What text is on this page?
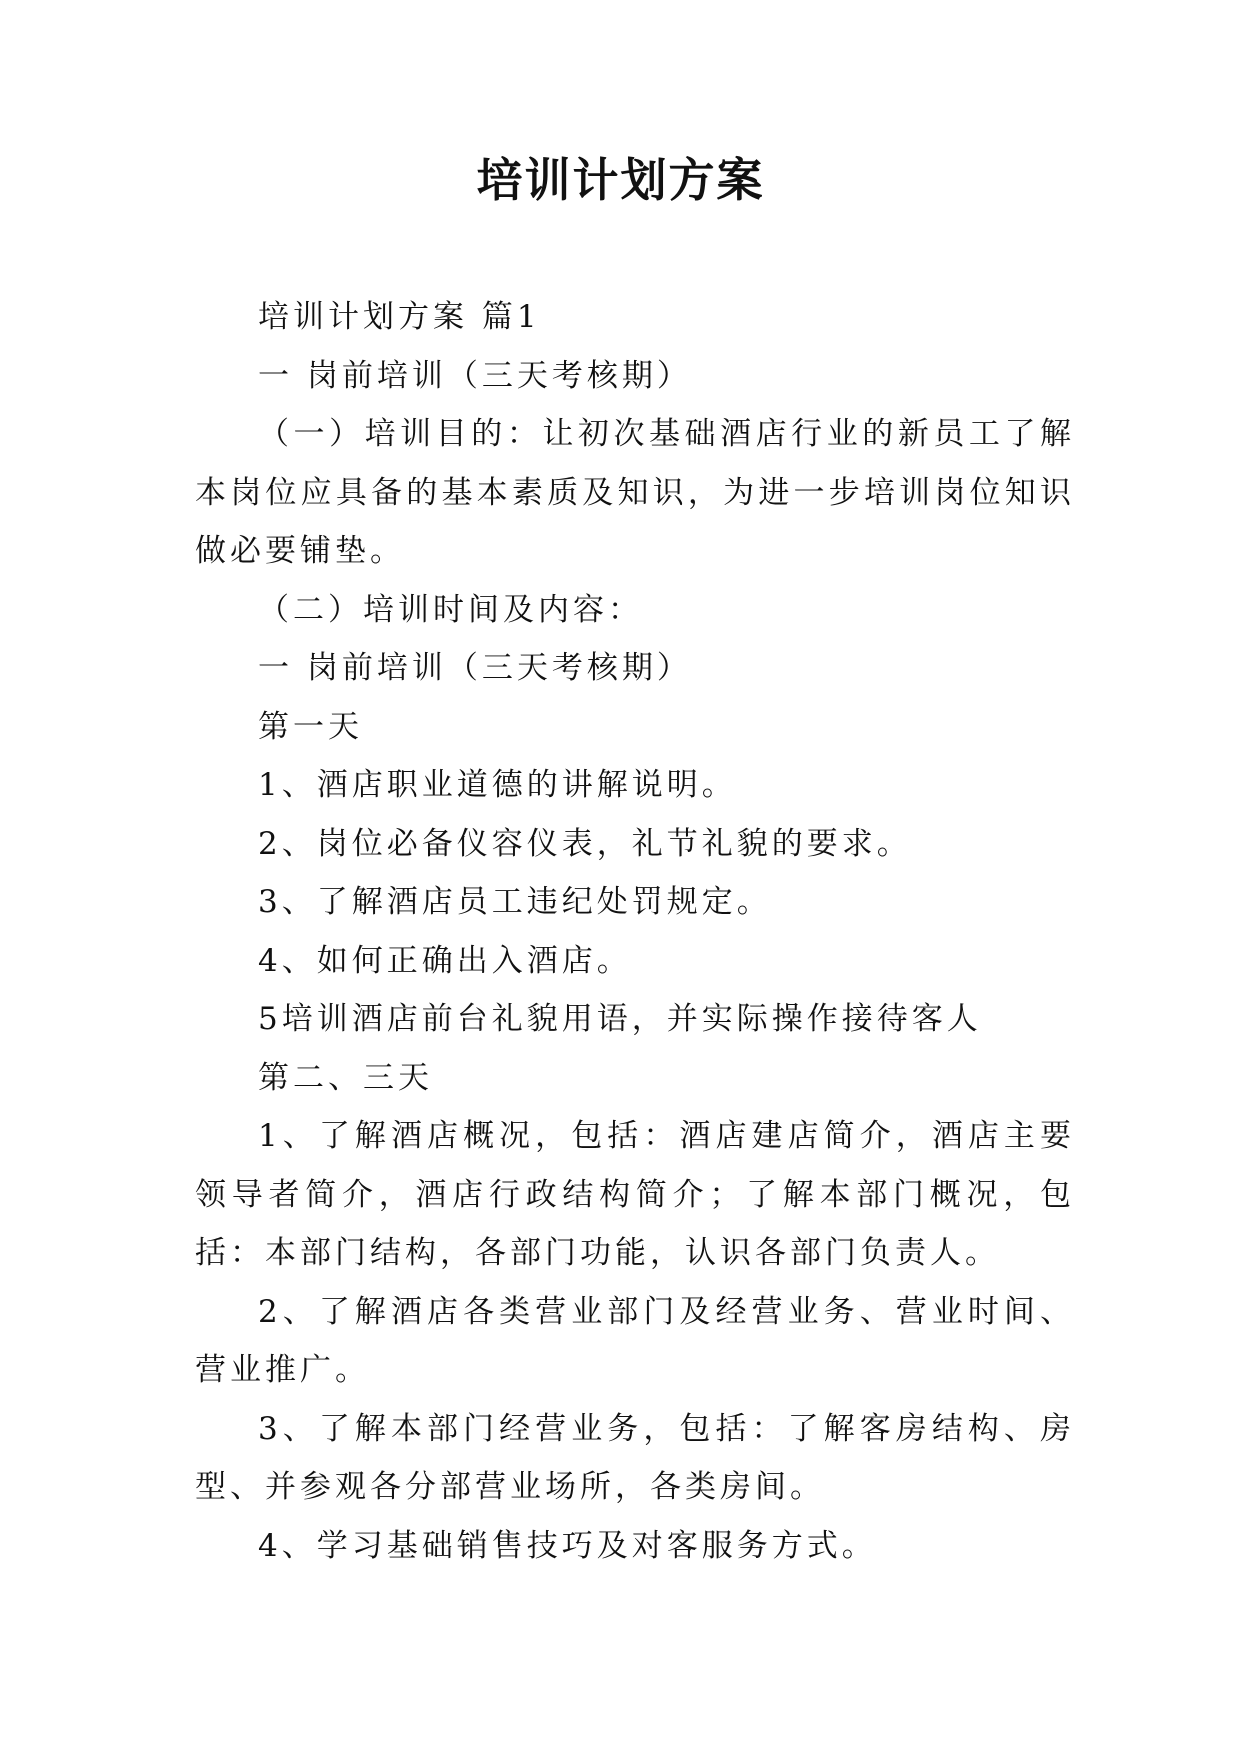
培训计划方案

培训计划方案 篇1

一 岗前培训（三天考核期）

（一）培训目的：让初次基础酒店行业的新员工了解本岗位应具备的基本素质及知识，为进一步培训岗位知识做必要铺垫。

（二）培训时间及内容：

一 岗前培训（三天考核期）

第一天

1、酒店职业道德的讲解说明。

2、岗位必备仪容仪表，礼节礼貌的要求。

3、了解酒店员工违纪处罚规定。

4、如何正确出入酒店。

5培训酒店前台礼貌用语，并实际操作接待客人

第二、三天

1、了解酒店概况，包括：酒店建店简介，酒店主要领导者简介，酒店行政结构简介；了解本部门概况，包括：本部门结构，各部门功能，认识各部门负责人。

2、了解酒店各类营业部门及经营业务、营业时间、营业推广。

3、了解本部门经营业务，包括：了解客房结构、房型、并参观各分部营业场所，各类房间。

4、学习基础销售技巧及对客服务方式。
